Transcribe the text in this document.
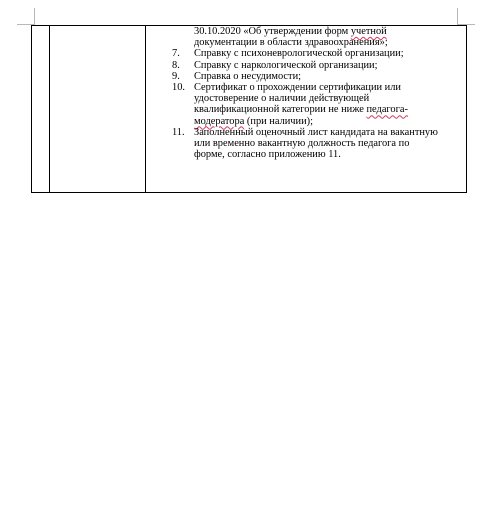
30.10.2020 «Об утверждении форм учетной
документации в области здравоохранения»;
7. Справку с психоневрологической организации;
8. Справку с наркологической организации;
9. Справка о несудимости;
10. Сертификат о прохождении сертификации или
удостоверение о наличии действующей
квалификационной категории не ниже педагога-
модератора (при наличии);
11. Заполненный оценочный лист кандидата на вакантную
или временно вакантную должность педагога по
форме, согласно приложению 11.
